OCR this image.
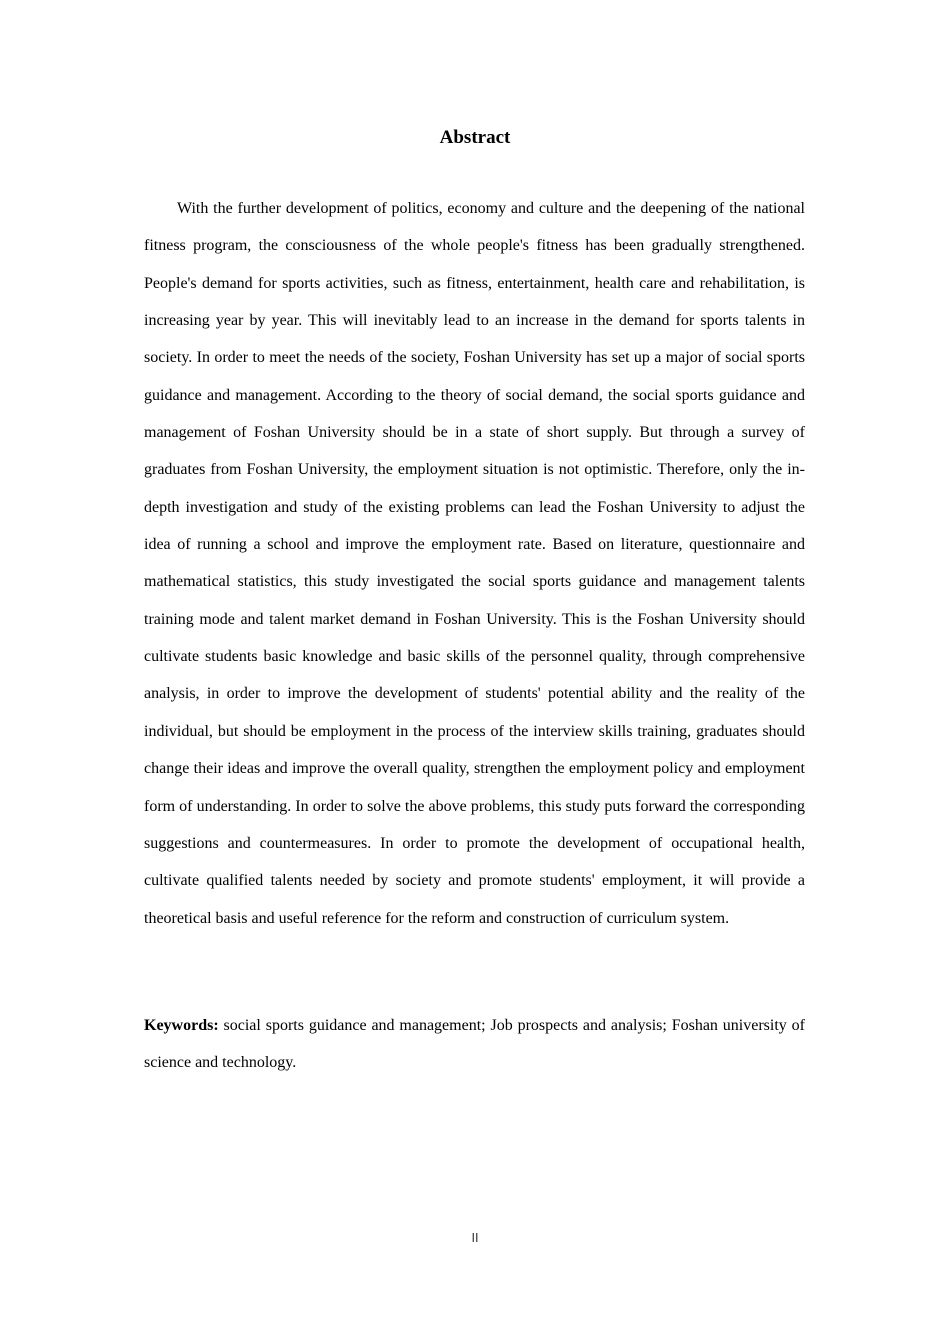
Abstract

With the further development of politics, economy and culture and the deepening of the national fitness program, the consciousness of the whole people's fitness has been gradually strengthened. People's demand for sports activities, such as fitness, entertainment, health care and rehabilitation, is increasing year by year. This will inevitably lead to an increase in the demand for sports talents in society. In order to meet the needs of the society, Foshan University has set up a major of social sports guidance and management. According to the theory of social demand, the social sports guidance and management of Foshan University should be in a state of short supply. But through a survey of graduates from Foshan University, the employment situation is not optimistic. Therefore, only the in-depth investigation and study of the existing problems can lead the Foshan University to adjust the idea of running a school and improve the employment rate. Based on literature, questionnaire and mathematical statistics, this study investigated the social sports guidance and management talents training mode and talent market demand in Foshan University. This is the Foshan University should cultivate students basic knowledge and basic skills of the personnel quality, through comprehensive analysis, in order to improve the development of students' potential ability and the reality of the individual, but should be employment in the process of the interview skills training, graduates should change their ideas and improve the overall quality, strengthen the employment policy and employment form of understanding. In order to solve the above problems, this study puts forward the corresponding suggestions and countermeasures. In order to promote the development of occupational health, cultivate qualified talents needed by society and promote students' employment, it will provide a theoretical basis and useful reference for the reform and construction of curriculum system.

Keywords: social sports guidance and management; Job prospects and analysis; Foshan university of science and technology.

II
